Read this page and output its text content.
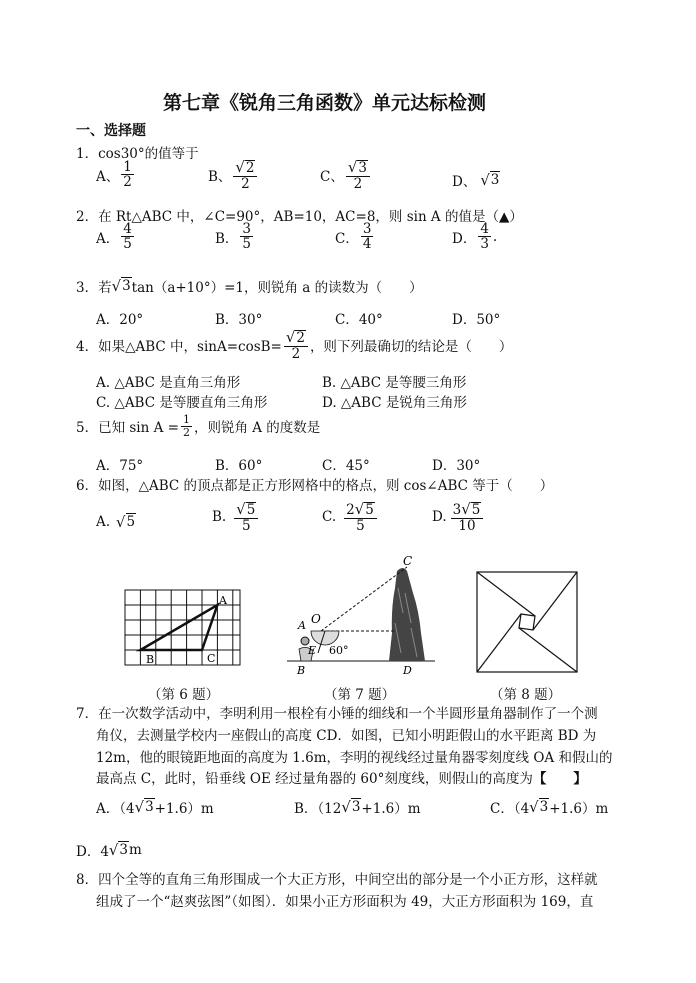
第七章《锐角三角函数》单元达标检测
一、选择题
1．cos30°的值等于
A、 $\frac{1}{2}$	B、 $\frac{√ 2}{2}$	C、 $\frac{√ 3}{2}$	D、 √ 3
2．在 Rt△ABC 中，∠C=90°，AB=10，AC=8，则 sin A 的值是（▲）
A． $\frac{4}{5}$	B． $\frac{3}{5}$	C． $\frac{3}{4}$	D． $\frac{4}{3}$ .
3．若 √ 3 tan（a+10°）=1，则锐角 a 的读数为（　　）
A．20°	B．30°	C．40°	D．50°
4．如果△ABC 中，$\sin A=\cos B= \frac{√ 2}{2}$ ，则下列最确切的结论是（　　）
A. △ABC 是直角三角形	B. △ABC 是等腰三角形
C. △ABC 是等腰直角三角形	D. △ABC 是锐角三角形
5．已知 $\sin A = \frac{1}{2}$ ，则锐角 A 的度数是
A．75°	B．60°	C．45°	D．30°
6．如图，△ABC 的顶点都是正方形网格中的格点，则 cos∠ABC 等于（　　）
A. √ 5	B. $\frac{√ 5}{5}$	C. $\frac{2 √ 5}{5}$	D. $\frac{3 √ 5}{10}$
A
B	C
（第 6 题）
C
O
A
E 60°
B	D
（第 7 题）	（第 8 题）
7．在一次数学活动中，李明利用一根栓有小锤的细线和一个半圆形量角器制作了一个测
角仪，去测量学校内一座假山的高度 CD．如图，已知小明距假山的水平距离 BD 为
12m，他的眼镜距地面的高度为 1.6m，李明的视线经过量角器零刻度线 OA 和假山的
最高点 C，此时，铅垂线 OE 经过量角器的 60°刻度线，则假山的高度为【　　】
A．（4 √ 3 +1.6）m	B．（12 √ 3 +1.6）m	C．（4 √ 3 +1.6）m
D．4 √ 3 m
8．四个全等的直角三角形围成一个大正方形，中间空出的部分是一个小正方形，这样就
组成了一个“赵爽弦图”（如图）．如果小正方形面积为 49，大正方形面积为 169，直
